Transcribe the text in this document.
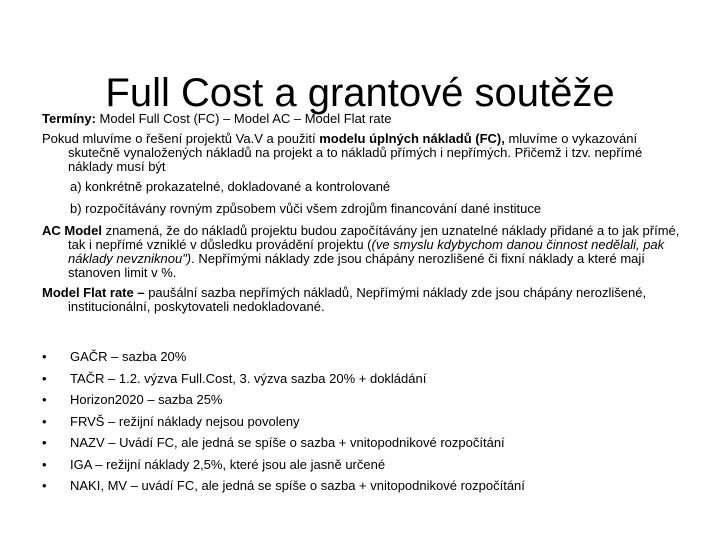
Full Cost a grantové soutěže

Termíny: Model Full Cost (FC) – Model AC – Model Flat rate

Pokud mluvíme o řešení projektů Va.V a použití modelu úplných nákladů (FC), mluvíme o vykazování skutečně vynaložených nákladů na projekt a to nákladů přímých i nepřímých. Přičemž i tzv. nepřímé náklady musí být

a) konkrétně prokazatelné, dokladované a kontrolované

b) rozpočítávány rovným způsobem vůči všem zdrojům financování dané instituce

AC Model znamená, že do nákladů projektu budou započítávány jen uznatelné náklady přidané a to jak přímé, tak i nepřímé vzniklé v důsledku provádění projektu ((ve smyslu kdybychom danou činnost nedělali, pak náklady nevzniknou"). Nepřímými náklady zde jsou chápány nerozlišené či fixní náklady a které mají stanoven limit v %.

Model Flat rate – paušální sazba nepřímých nákladů, Nepřímými náklady zde jsou chápány nerozlišené, institucionální, poskytovateli nedokladované.

• GAČR – sazba 20%
• TAČR – 1.2. výzva Full.Cost, 3. výzva sazba 20% + dokládání
• Horizon2020 – sazba 25%
• FRVŠ – režijní náklady nejsou povoleny
• NAZV – Uvádí FC, ale jedná se spíše o sazba + vnitopodnikové rozpočítání
• IGA – režijní náklady 2,5%, které jsou ale jasně určené
• NAKI, MV – uvádí FC, ale jedná se spíše o sazba + vnitopodnikové rozpočítání
